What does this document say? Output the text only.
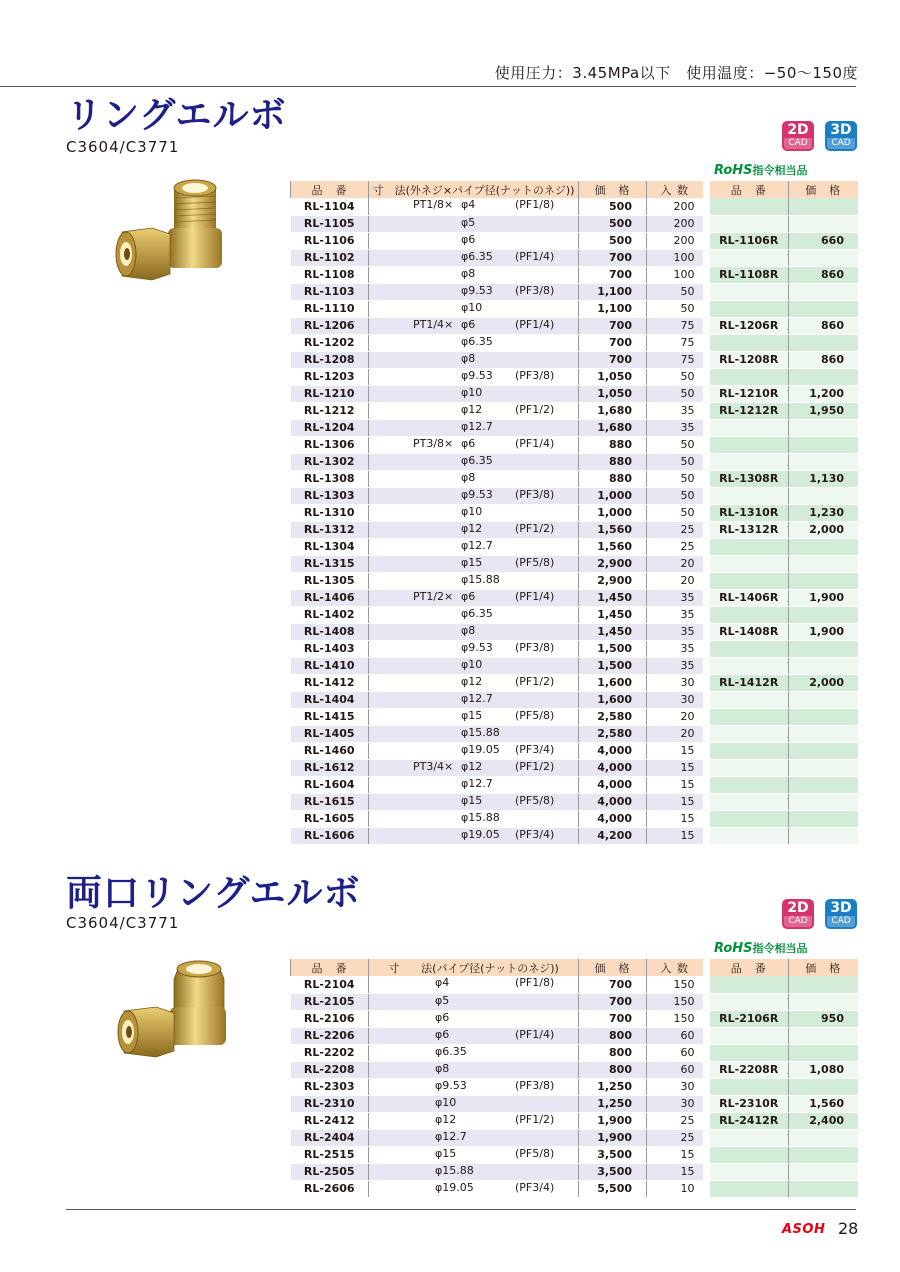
使用圧力：3.45MPa以下　使用温度：−50〜150度
リングエルボ
C3604/C3771
2D
CAD
3D
CAD
RoHS指令相当品
品　番	寸　法(外ネジ×パイプ径(ナットのネジ))	価　格	入 数
RL-1104	PT1/8× φ4 (PF1/8)	500	200
RL-1105	φ5	500	200
RL-1106	φ6	500	200
RL-1102	φ6.35 (PF1/4)	700	100
RL-1108	φ8	700	100
RL-1103	φ9.53 (PF3/8)	1,100	50
RL-1110	φ10	1,100	50
RL-1206	PT1/4× φ6 (PF1/4)	700	75
RL-1202	φ6.35	700	75
RL-1208	φ8	700	75
RL-1203	φ9.53 (PF3/8)	1,050	50
RL-1210	φ10	1,050	50
RL-1212	φ12 (PF1/2)	1,680	35
RL-1204	φ12.7	1,680	35
RL-1306	PT3/8× φ6 (PF1/4)	880	50
RL-1302	φ6.35	880	50
RL-1308	φ8	880	50
RL-1303	φ9.53 (PF3/8)	1,000	50
RL-1310	φ10	1,000	50
RL-1312	φ12 (PF1/2)	1,560	25
RL-1304	φ12.7	1,560	25
RL-1315	φ15 (PF5/8)	2,900	20
RL-1305	φ15.88	2,900	20
RL-1406	PT1/2× φ6 (PF1/4)	1,450	35
RL-1402	φ6.35	1,450	35
RL-1408	φ8	1,450	35
RL-1403	φ9.53 (PF3/8)	1,500	35
RL-1410	φ10	1,500	35
RL-1412	φ12 (PF1/2)	1,600	30
RL-1404	φ12.7	1,600	30
RL-1415	φ15 (PF5/8)	2,580	20
RL-1405	φ15.88	2,580	20
RL-1460	φ19.05 (PF3/4)	4,000	15
RL-1612	PT3/4× φ12 (PF1/2)	4,000	15
RL-1604	φ12.7	4,000	15
RL-1615	φ15 (PF5/8)	4,000	15
RL-1605	φ15.88	4,000	15
RL-1606	φ19.05 (PF3/4)	4,200	15
品　番	価　格

RL-1106R	660

RL-1108R	860

RL-1206R	860

RL-1208R	860

RL-1210R	1,200
RL-1212R	1,950

RL-1308R	1,130

RL-1310R	1,230
RL-1312R	2,000

RL-1406R	1,900

RL-1408R	1,900

RL-1412R	2,000

両口リングエルボ
C3604/C3771
2D
CAD
3D
CAD
RoHS指令相当品
品　番	寸　　法(パイプ径(ナットのネジ))	価　格	入 数
RL-2104	φ4 (PF1/8)	700	150
RL-2105	φ5	700	150
RL-2106	φ6	700	150
RL-2206	φ6 (PF1/4)	800	60
RL-2202	φ6.35	800	60
RL-2208	φ8	800	60
RL-2303	φ9.53 (PF3/8)	1,250	30
RL-2310	φ10	1,250	30
RL-2412	φ12 (PF1/2)	1,900	25
RL-2404	φ12.7	1,900	25
RL-2515	φ15 (PF5/8)	3,500	15
RL-2505	φ15.88	3,500	15
RL-2606	φ19.05 (PF3/4)	5,500	10
品　番	価　格

RL-2106R	950

RL-2208R	1,080

RL-2310R	1,560
RL-2412R	2,400

ASOH 28
